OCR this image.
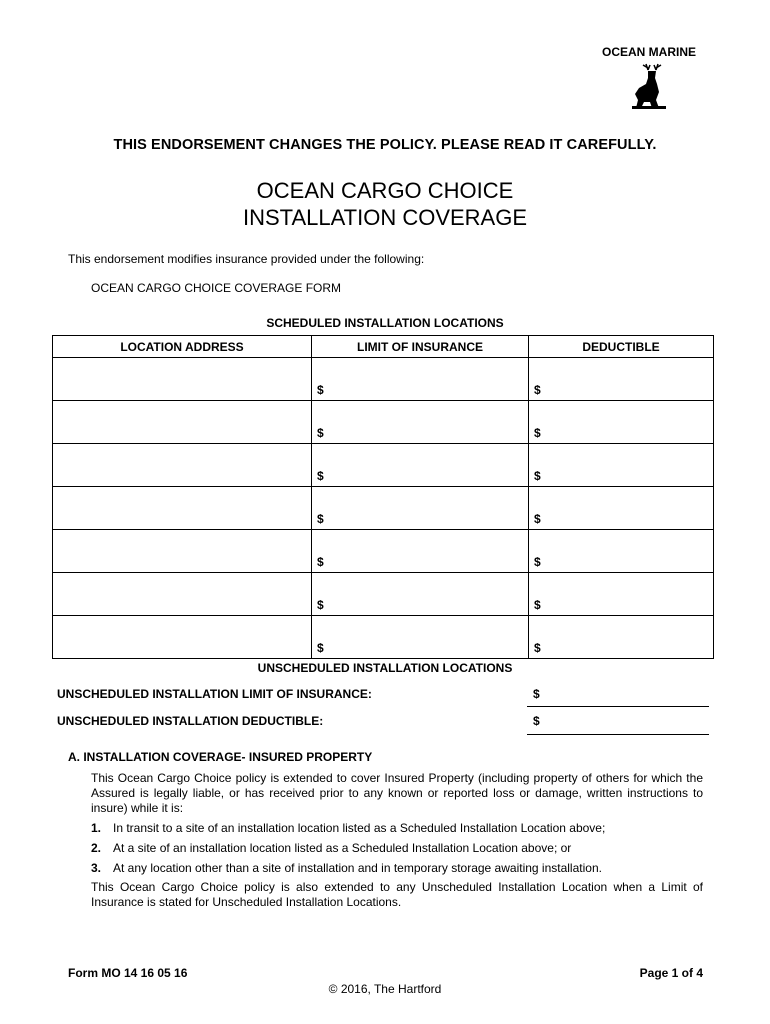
OCEAN MARINE
THIS ENDORSEMENT CHANGES THE POLICY. PLEASE READ IT CAREFULLY.
OCEAN CARGO CHOICE
INSTALLATION COVERAGE
This endorsement modifies insurance provided under the following:
OCEAN CARGO CHOICE COVERAGE FORM
SCHEDULED INSTALLATION LOCATIONS
LOCATION ADDRESS	LIMIT OF INSURANCE	DEDUCTIBLE
	$	$
	$	$
	$	$
	$	$
	$	$
	$	$
	$	$
UNSCHEDULED INSTALLATION LOCATIONS
UNSCHEDULED INSTALLATION LIMIT OF INSURANCE:	$
UNSCHEDULED INSTALLATION DEDUCTIBLE:	$
A. INSTALLATION COVERAGE- INSURED PROPERTY
This Ocean Cargo Choice policy is extended to cover Insured Property (including property of others for which the Assured is legally liable, or has received prior to any known or reported loss or damage, written instructions to insure) while it is:
1. In transit to a site of an installation location listed as a Scheduled Installation Location above;
2. At a site of an installation location listed as a Scheduled Installation Location above; or
3. At any location other than a site of installation and in temporary storage awaiting installation.
This Ocean Cargo Choice policy is also extended to any Unscheduled Installation Location when a Limit of Insurance is stated for Unscheduled Installation Locations.
Form MO 14 16 05 16	Page 1 of 4
© 2016, The Hartford
